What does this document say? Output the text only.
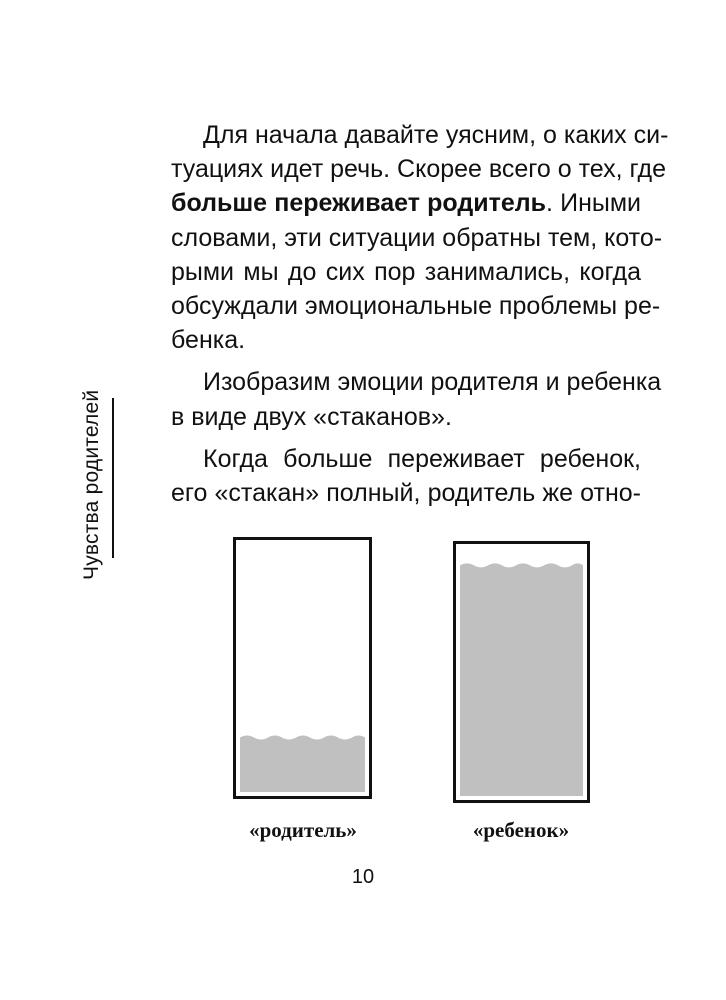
Чувства родителей

Для начала давайте уясним, о каких си-
туациях идет речь. Скорее всего о тех, где
больше переживает родитель. Иными
словами, эти ситуации обратны тем, кото-
рыми мы до сих пор занимались, когда
обсуждали эмоциональные проблемы ре-
бенка.

Изобразим эмоции родителя и ребенка
в виде двух «стаканов».

Когда больше переживает ребенок,
его «стакан» полный, родитель же отно-

«родитель»	«ребенок»
10
